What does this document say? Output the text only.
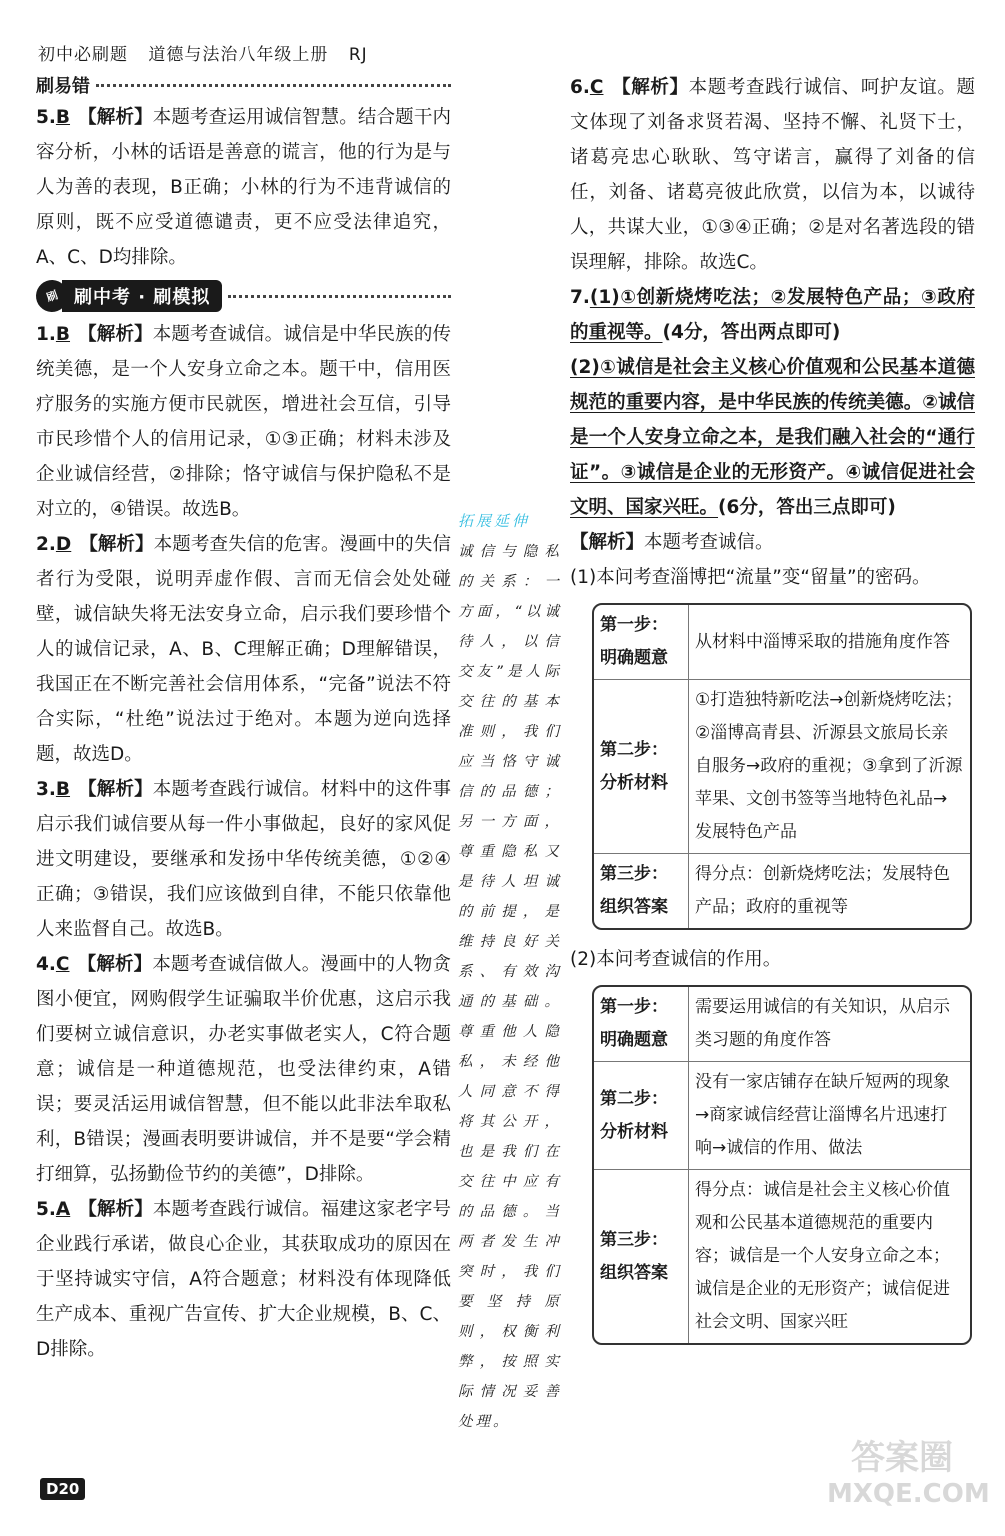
初中必刷题 道德与法治八年级上册 RJ
刷易错

5.B 【解析】本题考查运用诚信智慧。结合题干内容分析，小林的话语是善意的谎言，他的行为是与人为善的表现，B正确；小林的行为不违背诚信的原则，既不应受道德谴责，更不应受法律追究，A、C、D均排除。

刷 刷中考 · 刷模拟

1.B 【解析】本题考查诚信。诚信是中华民族的传统美德，是一个人安身立命之本。题干中，信用医疗服务的实施方便市民就医，增进社会互信，引导市民珍惜个人的信用记录，①③正确；材料未涉及企业诚信经营，②排除；恪守诚信与保护隐私不是对立的，④错误。故选B。

2.D 【解析】本题考查失信的危害。漫画中的失信者行为受限，说明弄虚作假、言而无信会处处碰壁，诚信缺失将无法安身立命，启示我们要珍惜个人的诚信记录，A、B、C理解正确；D理解错误，我国正在不断完善社会信用体系，“完备”说法不符合实际，“杜绝”说法过于绝对。本题为逆向选择题，故选D。

3.B 【解析】本题考查践行诚信。材料中的这件事启示我们诚信要从每一件小事做起，良好的家风促进文明建设，要继承和发扬中华传统美德，①②④正确；③错误，我们应该做到自律，不能只依靠他人来监督自己。故选B。

4.C 【解析】本题考查诚信做人。漫画中的人物贪图小便宜，网购假学生证骗取半价优惠，这启示我们要树立诚信意识，办老实事做老实人，C符合题意；诚信是一种道德规范，也受法律约束，A错误；要灵活运用诚信智慧，但不能以此非法牟取私利，B错误；漫画表明要讲诚信，并不是要“学会精打细算，弘扬勤俭节约的美德”，D排除。

5.A 【解析】本题考查践行诚信。福建这家老字号企业践行承诺，做良心企业，其获取成功的原因在于坚持诚实守信，A符合题意；材料没有体现降低生产成本、重视广告宣传、扩大企业规模，B、C、D排除。

拓展延伸
诚信与隐私的关系：一方面，“以诚待人，以信交友”是人际交往的基本准则，我们应当恪守诚信的品德；另一方面，尊重隐私又是待人坦诚的前提，是维持良好关系、有效沟通的基础。尊重他人隐私，未经他人同意不得将其公开，也是我们在交往中应有的品德。当两者发生冲突时，我们要坚持原则，权衡利弊，按照实际情况妥善处理。

6.C 【解析】本题考查践行诚信、呵护友谊。题文体现了刘备求贤若渴、坚持不懈、礼贤下士，诸葛亮忠心耿耿、笃守诺言，赢得了刘备的信任，刘备、诸葛亮彼此欣赏，以信为本，以诚待人，共谋大业，①③④正确；②是对名著选段的错误理解，排除。故选C。

7.(1)①创新烧烤吃法；②发展特色产品；③政府的重视等。(4分，答出两点即可)

(2)①诚信是社会主义核心价值观和公民基本道德规范的重要内容，是中华民族的传统美德。②诚信是一个人安身立命之本，是我们融入社会的“通行证”。③诚信是企业的无形资产。④诚信促进社会文明、国家兴旺。(6分，答出三点即可)

【解析】本题考查诚信。

(1)本问考查淄博把“流量”变“留量”的密码。

第一步：明确题意	从材料中淄博采取的措施角度作答
第二步：分析材料	①打造独特新吃法→创新烧烤吃法；②淄博高青县、沂源县文旅局长亲自服务→政府的重视；③拿到了沂源苹果、文创书签等当地特色礼品→发展特色产品
第三步：组织答案	得分点：创新烧烤吃法；发展特色产品；政府的重视等

(2)本问考查诚信的作用。

第一步：明确题意	需要运用诚信的有关知识，从启示类习题的角度作答
第二步：分析材料	没有一家店铺存在缺斤短两的现象→商家诚信经营让淄博名片迅速打响→诚信的作用、做法
第三步：组织答案	得分点：诚信是社会主义核心价值观和公民基本道德规范的重要内容；诚信是一个人安身立命之本；诚信是企业的无形资产；诚信促进社会文明、国家兴旺
D20
答案圈
MXQE.COM
